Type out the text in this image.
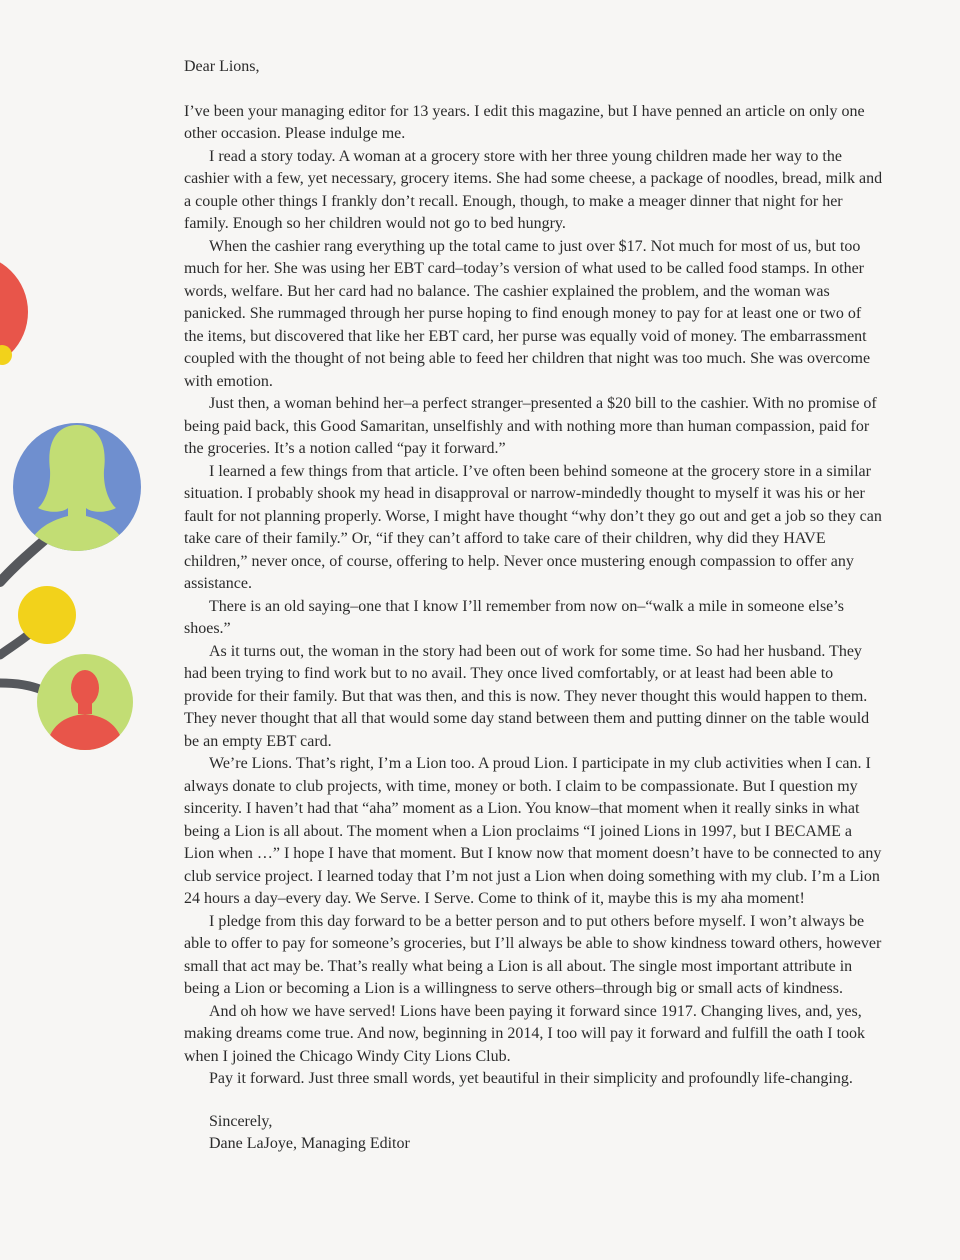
Dear Lions,

I’ve been your managing editor for 13 years. I edit this magazine, but I have penned an article on only one other occasion. Please indulge me.

I read a story today. A woman at a grocery store with her three young children made her way to the cashier with a few, yet necessary, grocery items. She had some cheese, a package of noodles, bread, milk and a couple other things I frankly don’t recall. Enough, though, to make a meager dinner that night for her family. Enough so her children would not go to bed hungry.

When the cashier rang everything up the total came to just over $17. Not much for most of us, but too much for her. She was using her EBT card–today’s version of what used to be called food stamps. In other words, welfare. But her card had no balance. The cashier explained the problem, and the woman was panicked. She rummaged through her purse hoping to find enough money to pay for at least one or two of the items, but discovered that like her EBT card, her purse was equally void of money. The embarrassment coupled with the thought of not being able to feed her children that night was too much. She was overcome with emotion.

Just then, a woman behind her–a perfect stranger–presented a $20 bill to the cashier. With no promise of being paid back, this Good Samaritan, unselfishly and with nothing more than human compassion, paid for the groceries. It’s a notion called “pay it forward.”

I learned a few things from that article. I’ve often been behind someone at the grocery store in a similar situation. I probably shook my head in disapproval or narrow-mindedly thought to myself it was his or her fault for not planning properly. Worse, I might have thought “why don’t they go out and get a job so they can take care of their family.” Or, “if they can’t afford to take care of their children, why did they HAVE children,” never once, of course, offering to help. Never once mustering enough compassion to offer any assistance.

There is an old saying–one that I know I’ll remember from now on–“walk a mile in someone else’s shoes.”

As it turns out, the woman in the story had been out of work for some time. So had her husband. They had been trying to find work but to no avail. They once lived comfortably, or at least had been able to provide for their family. But that was then, and this is now. They never thought this would happen to them. They never thought that all that would some day stand between them and putting dinner on the table would be an empty EBT card.

We’re Lions. That’s right, I’m a Lion too. A proud Lion. I participate in my club activities when I can. I always donate to club projects, with time, money or both. I claim to be compassionate. But I question my sincerity. I haven’t had that “aha” moment as a Lion. You know–that moment when it really sinks in what being a Lion is all about. The moment when a Lion proclaims “I joined Lions in 1997, but I BECAME a Lion when …” I hope I have that moment. But I know now that moment doesn’t have to be connected to any club service project. I learned today that I’m not just a Lion when doing something with my club. I’m a Lion 24 hours a day–every day. We Serve. I Serve. Come to think of it, maybe this is my aha moment!

I pledge from this day forward to be a better person and to put others before myself. I won’t always be able to offer to pay for someone’s groceries, but I’ll always be able to show kindness toward others, however small that act may be. That’s really what being a Lion is all about. The single most important attribute in being a Lion or becoming a Lion is a willingness to serve others–through big or small acts of kindness.

And oh how we have served! Lions have been paying it forward since 1917. Changing lives, and, yes, making dreams come true. And now, beginning in 2014, I too will pay it forward and fulfill the oath I took when I joined the Chicago Windy City Lions Club.

Pay it forward. Just three small words, yet beautiful in their simplicity and profoundly life-changing.

Sincerely,
Dane LaJoye, Managing Editor
